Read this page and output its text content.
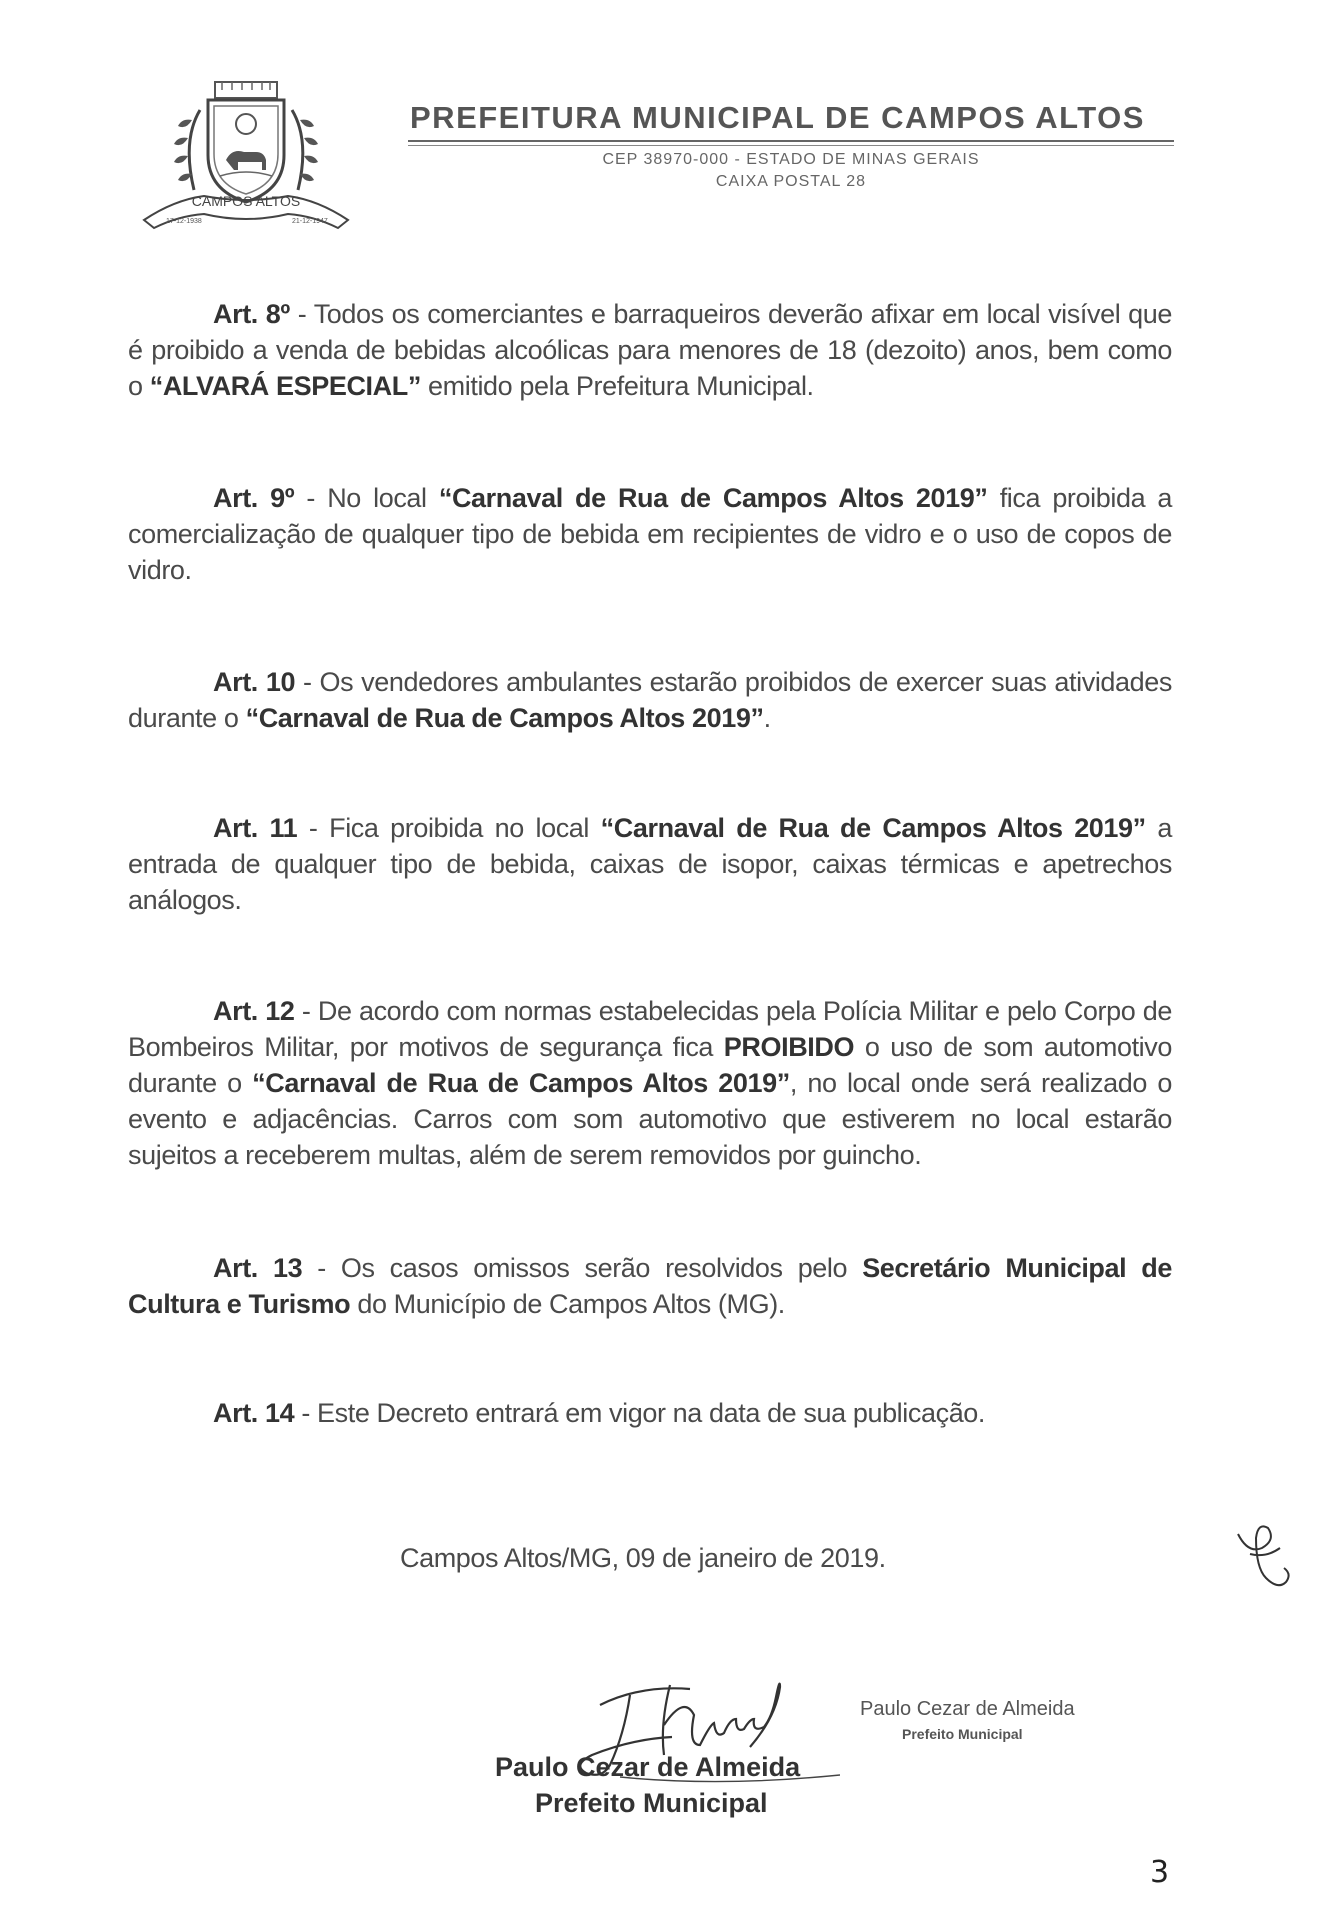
CAMPOS ALTOS
17-12-1938	21-12-1947
PREFEITURA MUNICIPAL DE CAMPOS ALTOS
CEP 38970-000 - ESTADO DE MINAS GERAIS
CAIXA POSTAL 28

Art. 8º - Todos os comerciantes e barraqueiros deverão afixar em local visível que é proibido a venda de bebidas alcoólicas para menores de 18 (dezoito) anos, bem como o “ALVARÁ ESPECIAL” emitido pela Prefeitura Municipal.

Art. 9º - No local “Carnaval de Rua de Campos Altos 2019” fica proibida a comercialização de qualquer tipo de bebida em recipientes de vidro e o uso de copos de vidro.

Art. 10 - Os vendedores ambulantes estarão proibidos de exercer suas atividades durante o “Carnaval de Rua de Campos Altos 2019”.

Art. 11 - Fica proibida no local “Carnaval de Rua de Campos Altos 2019” a entrada de qualquer tipo de bebida, caixas de isopor, caixas térmicas e apetrechos análogos.

Art. 12 - De acordo com normas estabelecidas pela Polícia Militar e pelo Corpo de Bombeiros Militar, por motivos de segurança fica PROIBIDO o uso de som automotivo durante o “Carnaval de Rua de Campos Altos 2019”, no local onde será realizado o evento e adjacências. Carros com som automotivo que estiverem no local estarão sujeitos a receberem multas, além de serem removidos por guincho.

Art. 13 - Os casos omissos serão resolvidos pelo Secretário Municipal de Cultura e Turismo do Município de Campos Altos (MG).

Art. 14 - Este Decreto entrará em vigor na data de sua publicação.

Campos Altos/MG, 09 de janeiro de 2019.
Paulo Cezar de Almeida
Prefeito Municipal
Paulo Cezar de Almeida
Prefeito Municipal
3
